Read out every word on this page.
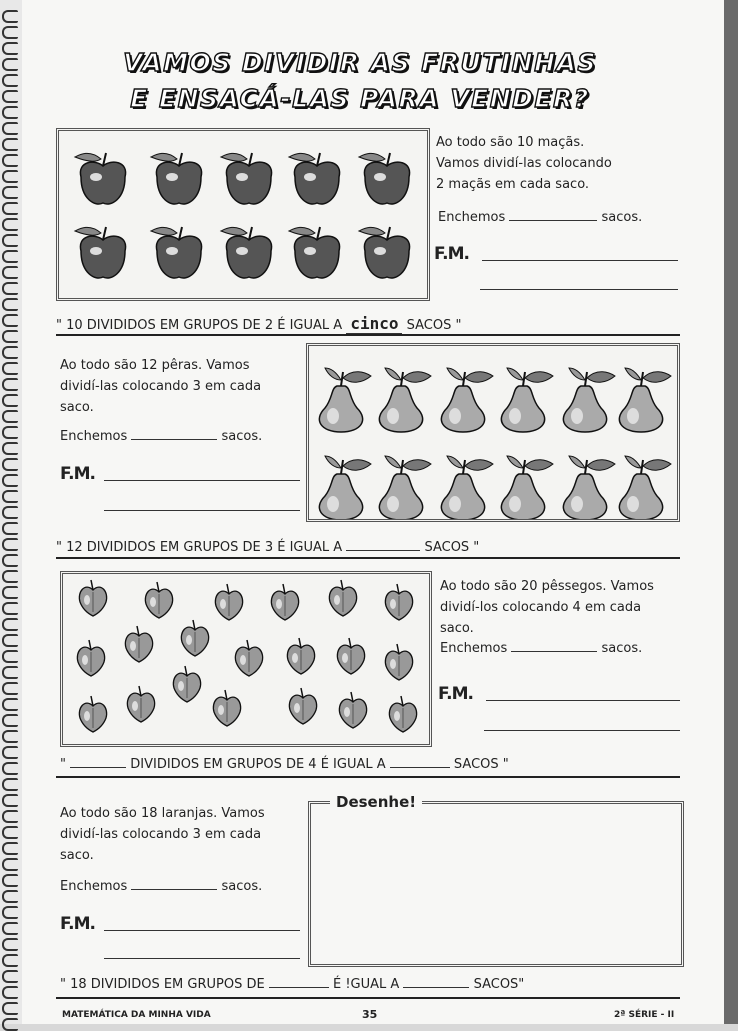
VAMOS DIVIDIR AS FRUTINHAS
E ENSACÁ-LAS PARA VENDER?
Ao todo são 10 maçãs.
Vamos dividí-las colocando
2 maçãs em cada saco.
Enchemos	sacos.
F.M.
" 10 DIVIDIDOS EM GRUPOS DE 2 É IGUAL A cinco SACOS "
Ao todo são 12 pêras. Vamos
dividí-las colocando 3 em cada
saco.
Enchemos	sacos.
F.M.
" 12 DIVIDIDOS EM GRUPOS DE 3 É IGUAL A	SACOS "
Ao todo são 20 pêssegos. Vamos
dividí-los colocando 4 em cada
saco.
Enchemos	sacos.
F.M.
"	DIVIDIDOS EM GRUPOS DE 4 É IGUAL A	SACOS "
Ao todo são 18 laranjas. Vamos
dividí-las colocando 3 em cada
saco.
Enchemos	sacos.
F.M.
Desenhe!
" 18 DIVIDIDOS EM GRUPOS DE	É !GUAL A	SACOS"
MATEMÁTICA DA MINHA VIDA	35	2ª SÉRIE - II
